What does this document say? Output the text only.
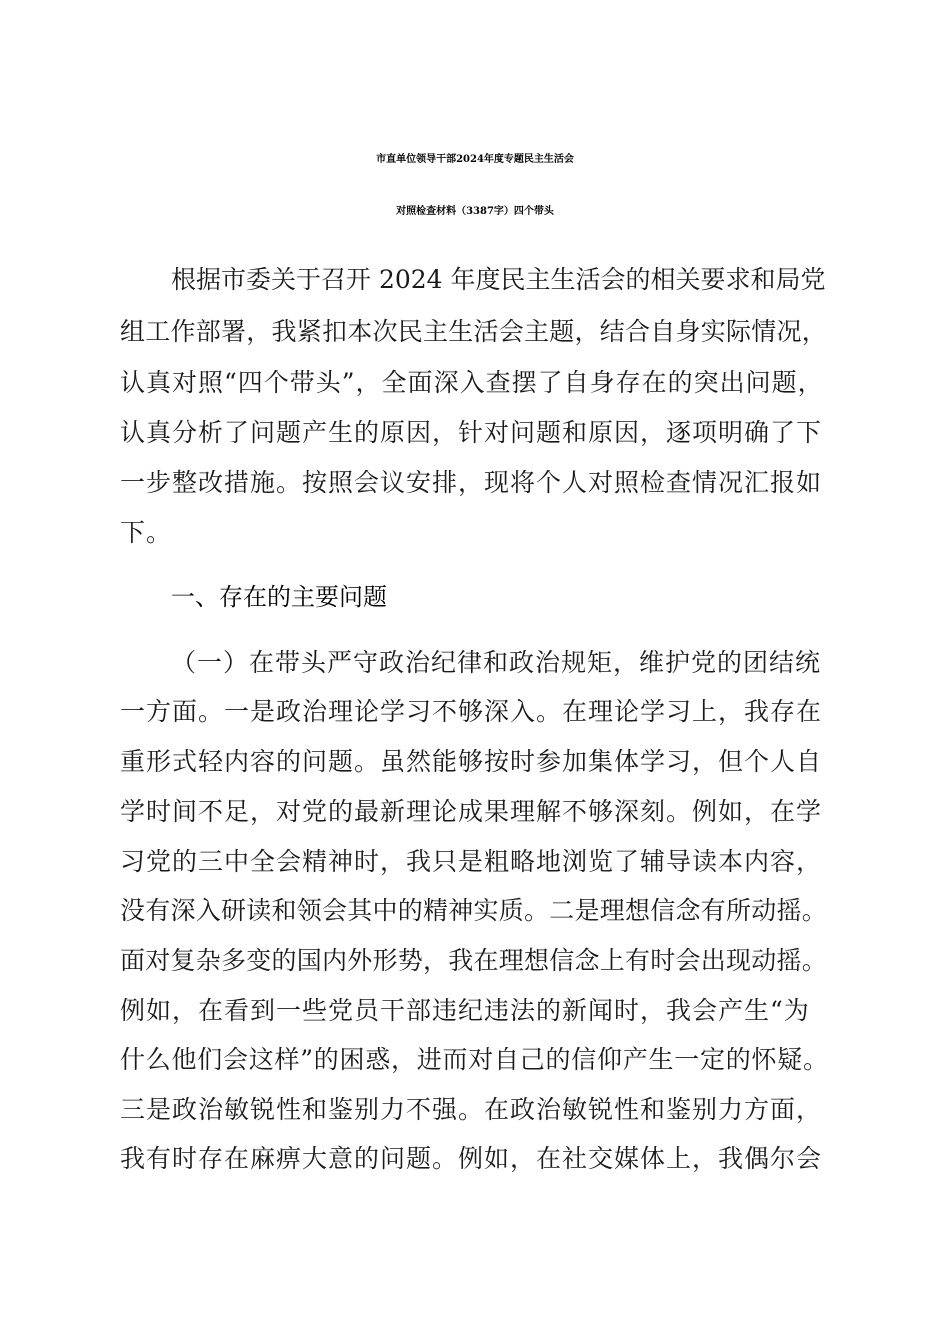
市直单位领导干部2024年度专题民主生活会
对照检查材料（3387字）四个带头
根据市委关于召开 2024 年度民主生活会的相关要求和局党
组工作部署，我紧扣本次民主生活会主题，结合自身实际情况，
认真对照“四个带头”，全面深入查摆了自身存在的突出问题，
认真分析了问题产生的原因，针对问题和原因，逐项明确了下
一步整改措施。按照会议安排，现将个人对照检查情况汇报如
下。
一、存在的主要问题
（一）在带头严守政治纪律和政治规矩，维护党的团结统
一方面。一是政治理论学习不够深入。在理论学习上，我存在
重形式轻内容的问题。虽然能够按时参加集体学习，但个人自
学时间不足，对党的最新理论成果理解不够深刻。例如，在学
习党的三中全会精神时，我只是粗略地浏览了辅导读本内容，
没有深入研读和领会其中的精神实质。二是理想信念有所动摇。
面对复杂多变的国内外形势，我在理想信念上有时会出现动摇。
例如，在看到一些党员干部违纪违法的新闻时，我会产生“为
什么他们会这样”的困惑，进而对自己的信仰产生一定的怀疑。
三是政治敏锐性和鉴别力不强。在政治敏锐性和鉴别力方面，
我有时存在麻痹大意的问题。例如，在社交媒体上，我偶尔会
